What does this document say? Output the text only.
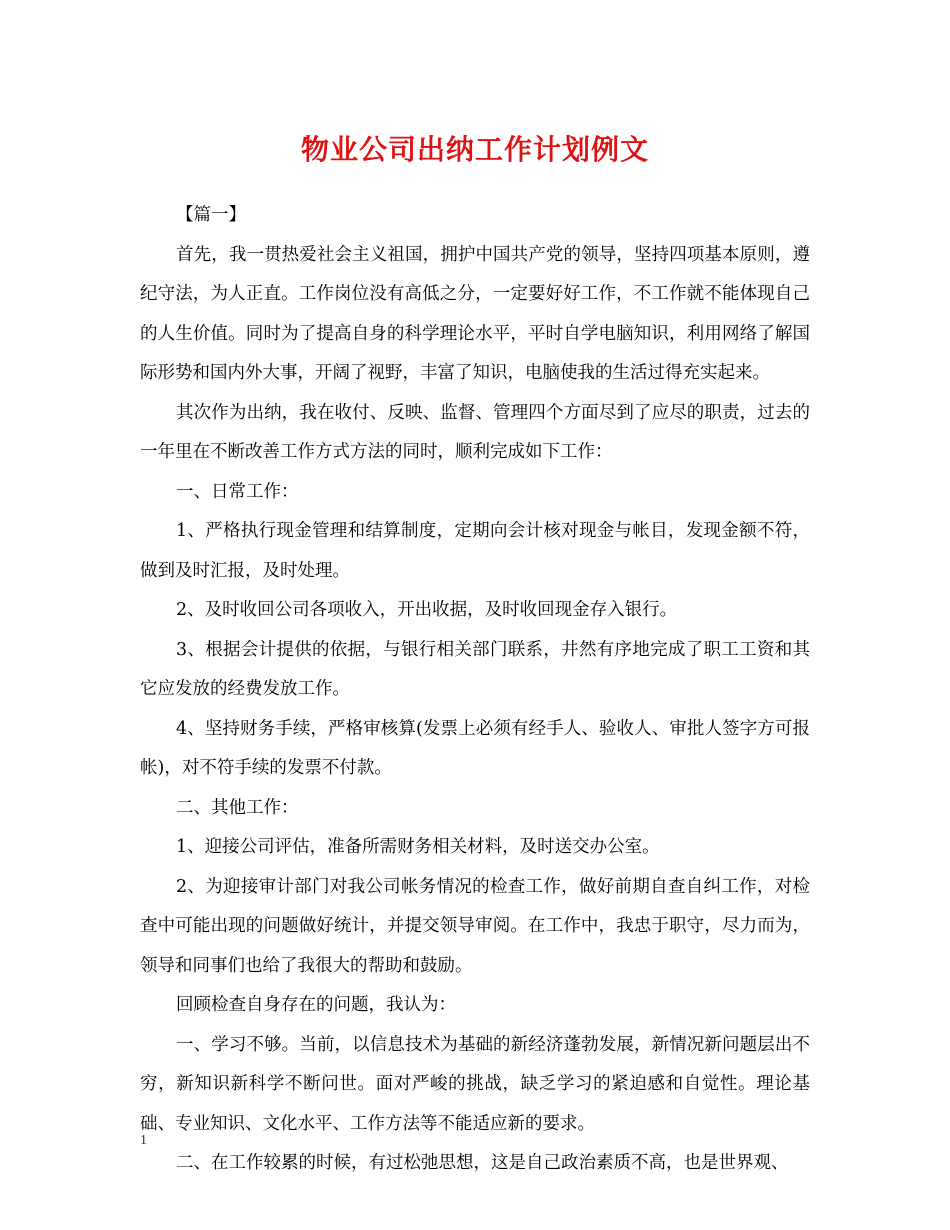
物业公司出纳工作计划例文

【篇一】

首先，我一贯热爱社会主义祖国，拥护中国共产党的领导，坚持四项基本原则，遵纪守法，为人正直。工作岗位没有高低之分，一定要好好工作，不工作就不能体现自己的人生价值。同时为了提高自身的科学理论水平，平时自学电脑知识，利用网络了解国际形势和国内外大事，开阔了视野，丰富了知识，电脑使我的生活过得充实起来。

其次作为出纳，我在收付、反映、监督、管理四个方面尽到了应尽的职责，过去的一年里在不断改善工作方式方法的同时，顺利完成如下工作：

一、日常工作：

1、严格执行现金管理和结算制度，定期向会计核对现金与帐目，发现金额不符，做到及时汇报，及时处理。

2、及时收回公司各项收入，开出收据，及时收回现金存入银行。

3、根据会计提供的依据，与银行相关部门联系，井然有序地完成了职工工资和其它应发放的经费发放工作。

4、坚持财务手续，严格审核算(发票上必须有经手人、验收人、审批人签字方可报帐)，对不符手续的发票不付款。

二、其他工作：

1、迎接公司评估，准备所需财务相关材料，及时送交办公室。

2、为迎接审计部门对我公司帐务情况的检查工作，做好前期自查自纠工作，对检查中可能出现的问题做好统计，并提交领导审阅。在工作中，我忠于职守，尽力而为，领导和同事们也给了我很大的帮助和鼓励。

回顾检查自身存在的问题，我认为：

一、学习不够。当前，以信息技术为基础的新经济蓬勃发展，新情况新问题层出不穷，新知识新科学不断问世。面对严峻的挑战，缺乏学习的紧迫感和自觉性。理论基础、专业知识、文化水平、工作方法等不能适应新的要求。

二、在工作较累的时候，有过松弛思想，这是自己政治素质不高，也是世界观、

1
